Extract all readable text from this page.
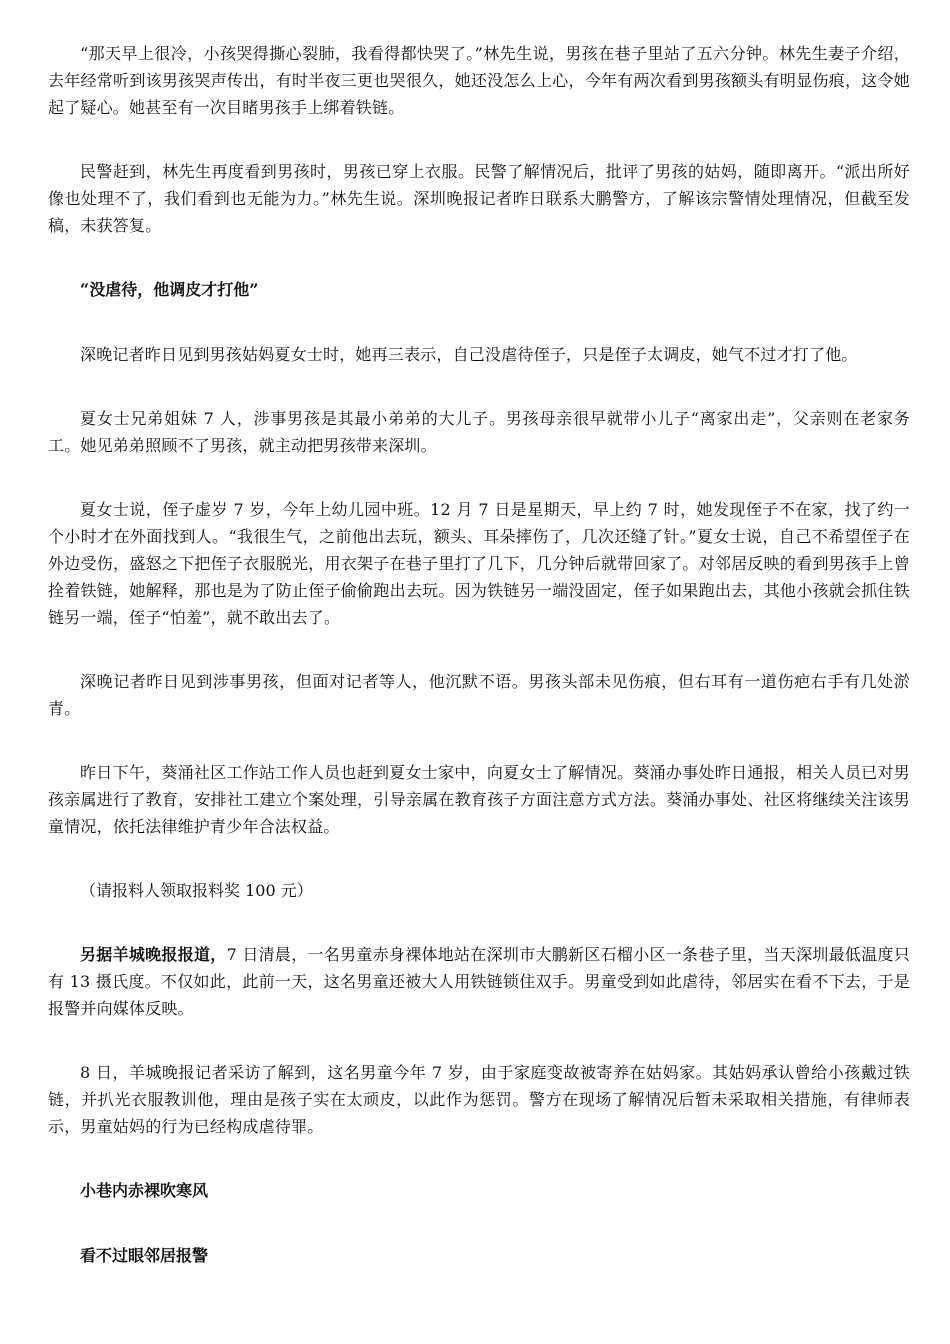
“那天早上很冷，小孩哭得撕心裂肺，我看得都快哭了。”林先生说，男孩在巷子里站了五六分钟。林先生妻子介绍，去年经常听到该男孩哭声传出，有时半夜三更也哭很久，她还没怎么上心，今年有两次看到男孩额头有明显伤痕，这令她起了疑心。她甚至有一次目睹男孩手上绑着铁链。

民警赶到，林先生再度看到男孩时，男孩已穿上衣服。民警了解情况后，批评了男孩的姑妈，随即离开。“派出所好像也处理不了，我们看到也无能为力。”林先生说。深圳晚报记者昨日联系大鹏警方，了解该宗警情处理情况，但截至发稿，未获答复。

“没虐待，他调皮才打他”

深晚记者昨日见到男孩姑妈夏女士时，她再三表示，自己没虐待侄子，只是侄子太调皮，她气不过才打了他。

夏女士兄弟姐妹 7 人，涉事男孩是其最小弟弟的大儿子。男孩母亲很早就带小儿子“离家出走”，父亲则在老家务工。她见弟弟照顾不了男孩，就主动把男孩带来深圳。

夏女士说，侄子虚岁 7 岁，今年上幼儿园中班。12 月 7 日是星期天，早上约 7 时，她发现侄子不在家，找了约一个小时才在外面找到人。“我很生气，之前他出去玩，额头、耳朵摔伤了，几次还缝了针。”夏女士说，自己不希望侄子在外边受伤，盛怒之下把侄子衣服脱光，用衣架子在巷子里打了几下，几分钟后就带回家了。对邻居反映的看到男孩手上曾拴着铁链，她解释，那也是为了防止侄子偷偷跑出去玩。因为铁链另一端没固定，侄子如果跑出去，其他小孩就会抓住铁链另一端，侄子“怕羞”，就不敢出去了。

深晚记者昨日见到涉事男孩，但面对记者等人，他沉默不语。男孩头部未见伤痕，但右耳有一道伤疤右手有几处淤青。

昨日下午，葵涌社区工作站工作人员也赶到夏女士家中，向夏女士了解情况。葵涌办事处昨日通报，相关人员已对男孩亲属进行了教育，安排社工建立个案处理，引导亲属在教育孩子方面注意方式方法。葵涌办事处、社区将继续关注该男童情况，依托法律维护青少年合法权益。

（请报料人领取报料奖 100 元）

另据羊城晚报报道，7 日清晨，一名男童赤身裸体地站在深圳市大鹏新区石榴小区一条巷子里，当天深圳最低温度只有 13 摄氏度。不仅如此，此前一天，这名男童还被大人用铁链锁住双手。男童受到如此虐待，邻居实在看不下去，于是报警并向媒体反映。

8 日，羊城晚报记者采访了解到，这名男童今年 7 岁，由于家庭变故被寄养在姑妈家。其姑妈承认曾给小孩戴过铁链，并扒光衣服教训他，理由是孩子实在太顽皮，以此作为惩罚。警方在现场了解情况后暂未采取相关措施，有律师表示，男童姑妈的行为已经构成虐待罪。

小巷内赤裸吹寒风

看不过眼邻居报警
